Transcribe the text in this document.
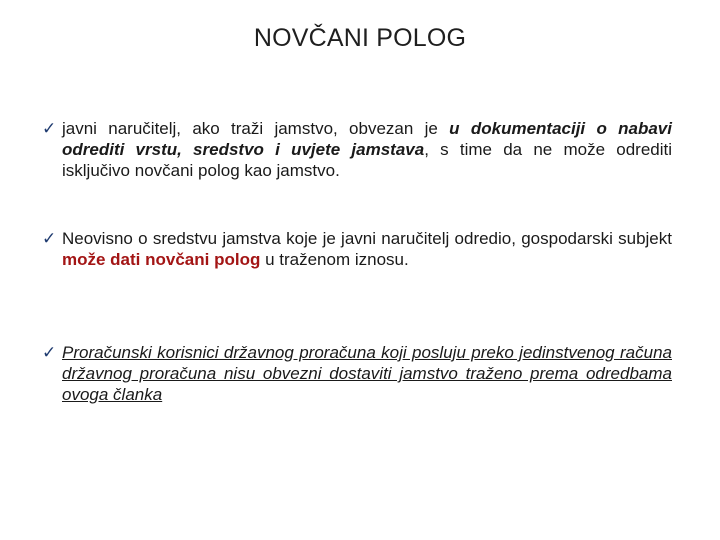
NOVČANI POLOG
✓ javni naručitelj, ako traži jamstvo, obvezan je u dokumentaciji o nabavi odrediti vrstu, sredstvo i uvjete jamstava, s time da ne može odrediti isključivo novčani polog kao jamstvo.
✓ Neovisno o sredstvu jamstva koje je javni naručitelj odredio, gospodarski subjekt može dati novčani polog u traženom iznosu.
✓ Proračunski korisnici državnog proračuna koji posluju preko jedinstvenog računa državnog proračuna nisu obvezni dostaviti jamstvo traženo prema odredbama ovoga članka
